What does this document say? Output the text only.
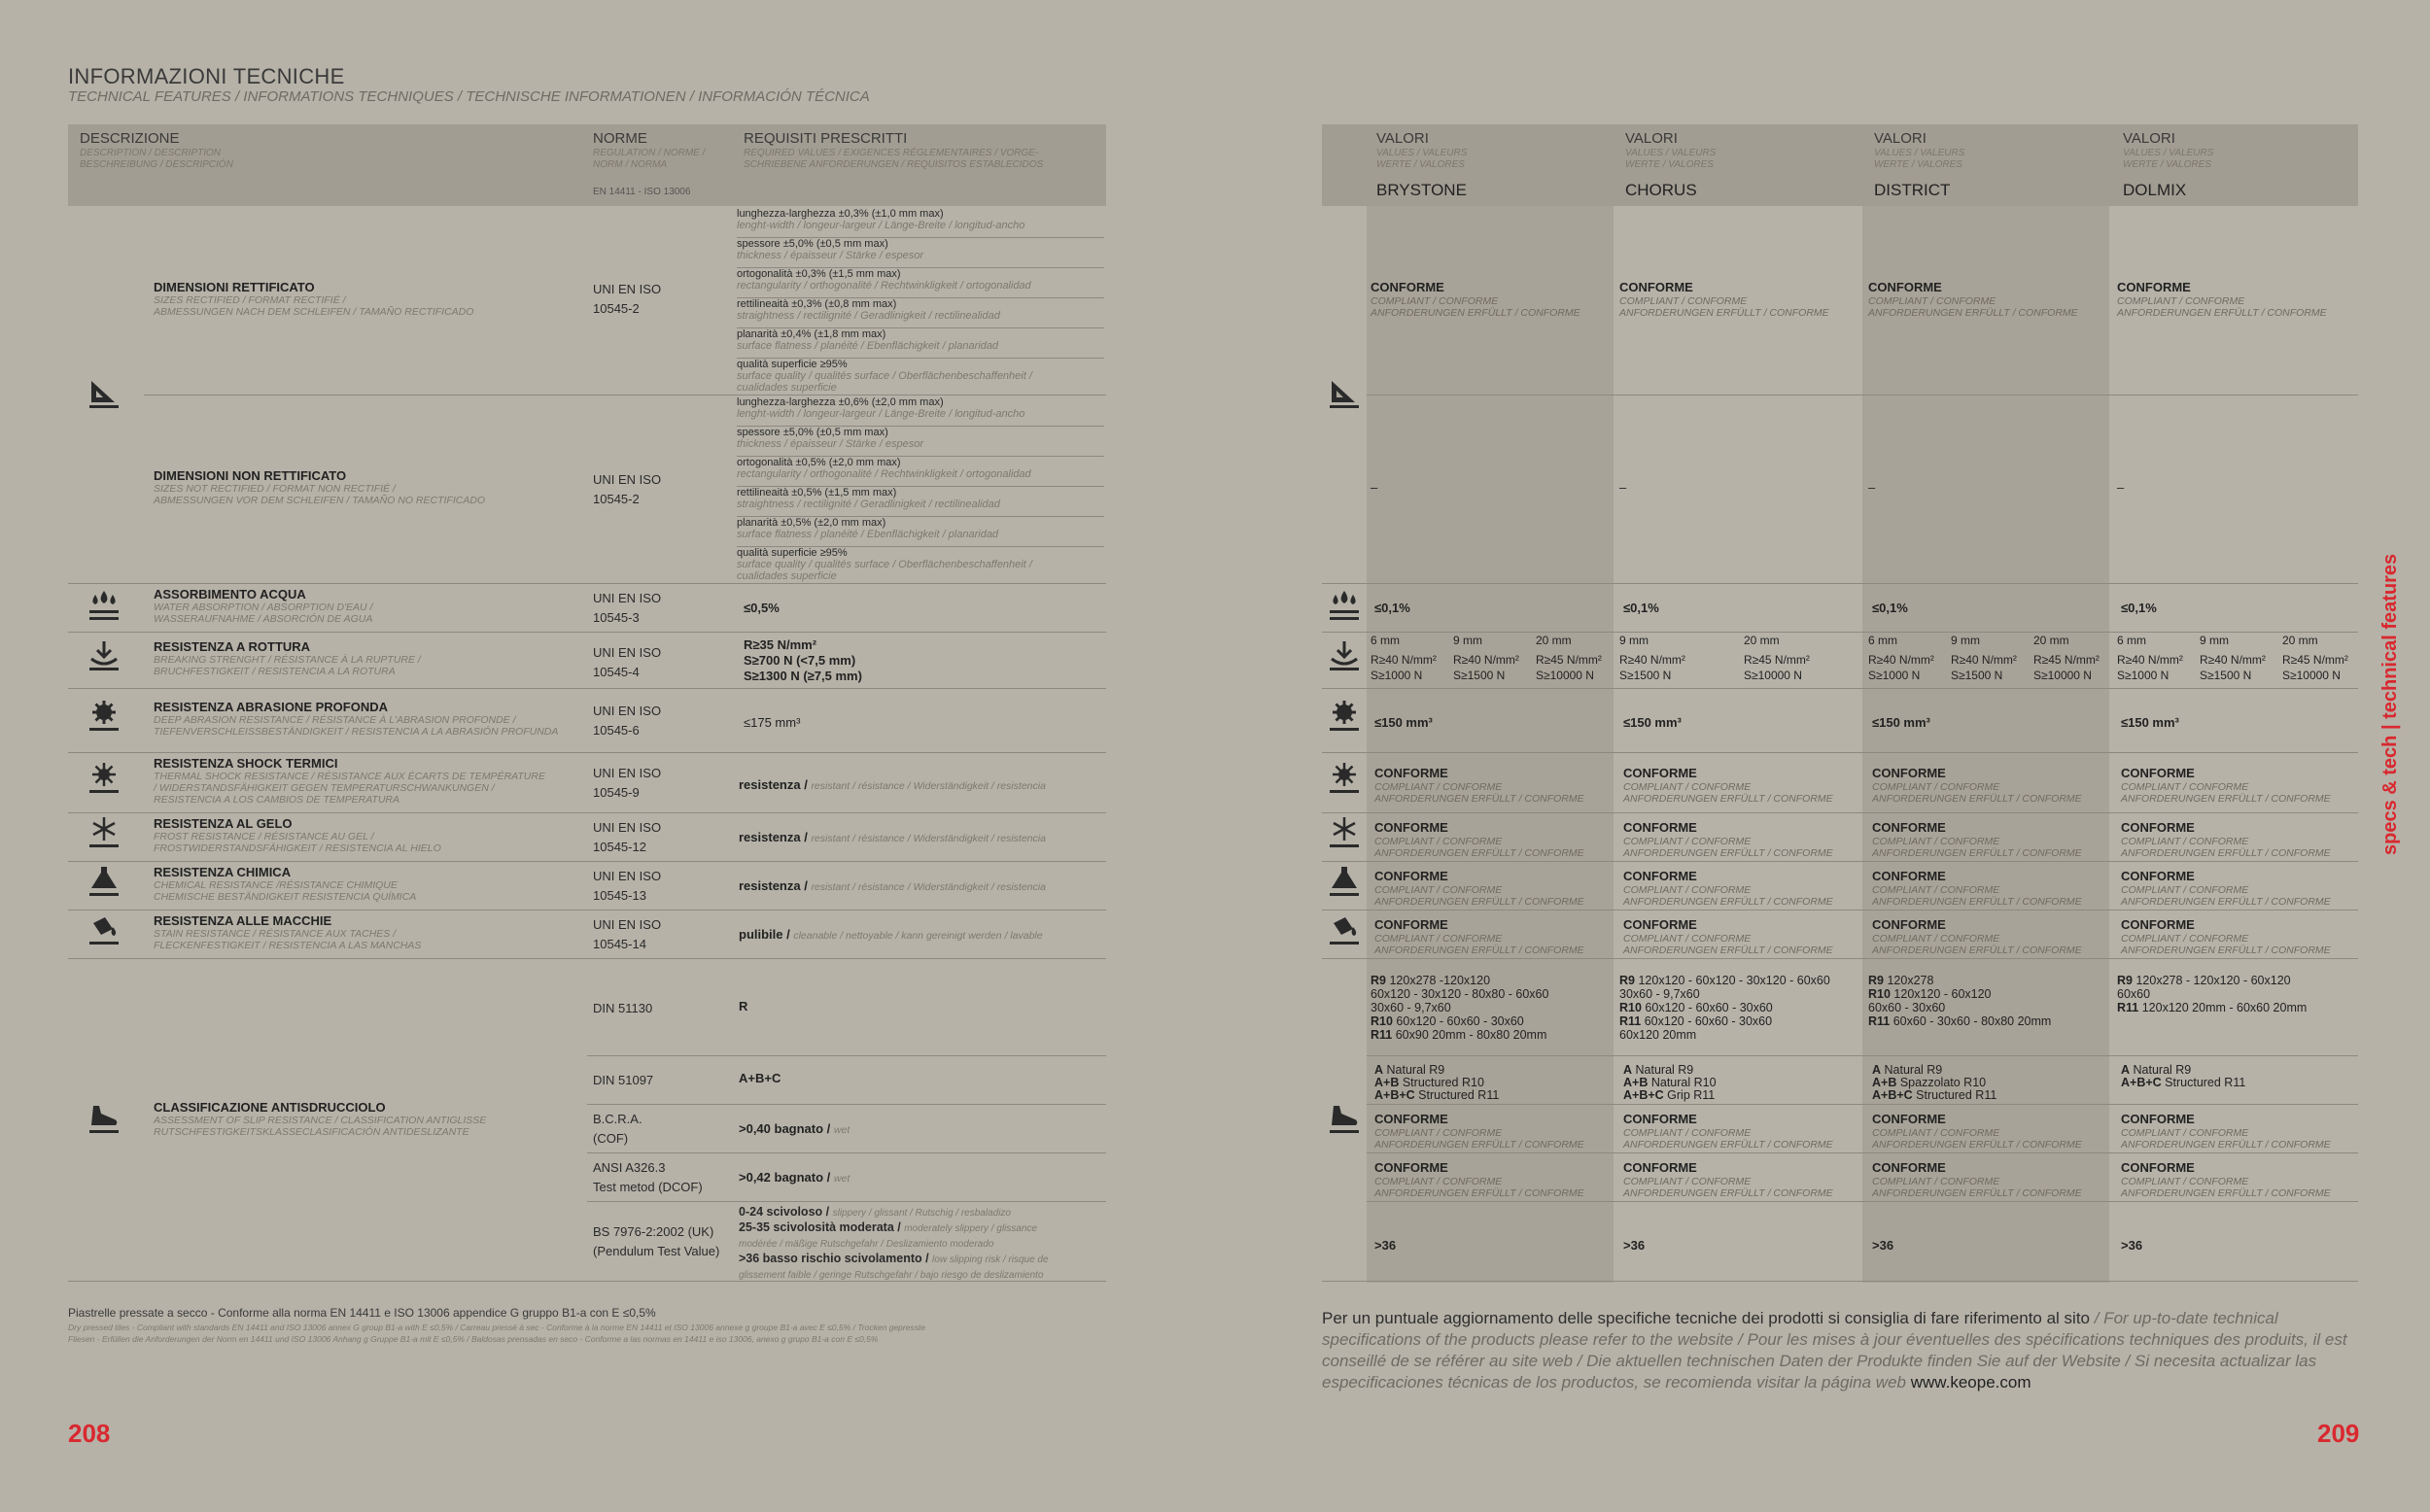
INFORMAZIONI TECNICHE
TECHNICAL FEATURES / INFORMATIONS TECHNIQUES / TECHNISCHE INFORMATIONEN / INFORMACIÓN TÉCNICA
DESCRIZIONE
DESCRIPTION / DESCRIPTION
BESCHREIBUNG / DESCRIPCIÓN
NORME
REGULATION / NORME /
NORM / NORMA
EN 14411 - ISO 13006
REQUISITI PRESCRITTI
REQUIRED VALUES / EXIGENCES RÉGLEMENTAIRES / VORGE-
SCHRIEBENE ANFORDERUNGEN / REQUISITOS ESTABLECIDOS
DIMENSIONI RETTIFICATO
SIZES RECTIFIED / FORMAT RECTIFIÉ /
ABMESSUNGEN NACH DEM SCHLEIFEN / TAMAÑO RECTIFICADO
UNI EN ISO
10545-2
lunghezza-larghezza ±0,3% (±1,0 mm max)
lenght-width / longeur-largeur / Länge-Breite / longitud-ancho
spessore ±5,0% (±0,5 mm max)
thickness / épaisseur / Stärke / espesor
ortogonalità ±0,3% (±1,5 mm max)
rectangularity / orthogonalité / Rechtwinkligkeit / ortogonalidad
rettilineaità ±0,3% (±0,8 mm max)
straightness / rectilignité / Geradlinigkeit / rectilinealidad
planarità ±0,4% (±1,8 mm max)
surface flatness / planéité / Ebenflächigkeit / planaridad
qualità superficie ≥95%
surface quality / qualités surface / Oberflächenbeschaffenheit /
cualidades superficie
DIMENSIONI NON RETTIFICATO
SIZES NOT RECTIFIED / FORMAT NON RECTIFIÉ /
ABMESSUNGEN VOR DEM SCHLEIFEN / TAMAÑO NO RECTIFICADO
UNI EN ISO
10545-2
lunghezza-larghezza ±0,6% (±2,0 mm max)
lenght-width / longeur-largeur / Länge-Breite / longitud-ancho
spessore ±5,0% (±0,5 mm max)
thickness / épaisseur / Stärke / espesor
ortogonalità ±0,5% (±2,0 mm max)
rectangularity / orthogonalité / Rechtwinkligkeit / ortogonalidad
rettilineaità ±0,5% (±1,5 mm max)
straightness / rectilignité / Geradlinigkeit / rectilinealidad
planarità ±0,5% (±2,0 mm max)
surface flatness / planéité / Ebenflächigkeit / planaridad
qualità superficie ≥95%
surface quality / qualités surface / Oberflächenbeschaffenheit /
cualidades superficie
ASSORBIMENTO ACQUA
WATER ABSORPTION / ABSORPTION D'EAU /
WASSERAUFNAHME / ABSORCIÓN DE AGUA
UNI EN ISO
10545-3
≤0,5%
RESISTENZA A ROTTURA
BREAKING STRENGHT / RÉSISTANCE À LA RUPTURE /
BRUCHFESTIGKEIT / RESISTENCIA A LA ROTURA
UNI EN ISO
10545-4
R≥35 N/mm²
S≥700 N (<7,5 mm)
S≥1300 N (≥7,5 mm)
RESISTENZA ABRASIONE PROFONDA
DEEP ABRASION RESISTANCE / RÉSISTANCE À L'ABRASION PROFONDE /
TIEFENVERSCHLEISSBESTÄNDIGKEIT / RESISTENCIA A LA ABRASIÓN PROFUNDA
UNI EN ISO
10545-6
≤175 mm³
RESISTENZA SHOCK TERMICI
THERMAL SHOCK RESISTANCE / RÉSISTANCE AUX ÉCARTS DE TEMPÉRATURE
/ WIDERSTANDSFÄHIGKEIT GEGEN TEMPERATURSCHWANKUNGEN /
RESISTENCIA A LOS CAMBIOS DE TEMPERATURA
UNI EN ISO
10545-9
resistenza / resistant / résistance / Widerständigkeit / resistencia
RESISTENZA AL GELO
FROST RESISTANCE / RÉSISTANCE AU GEL /
FROSTWIDERSTANDSFÄHIGKEIT / RESISTENCIA AL HIELO
UNI EN ISO
10545-12
resistenza / resistant / résistance / Widerständigkeit / resistencia
RESISTENZA CHIMICA
CHEMICAL RESISTANCE /RÉSISTANCE CHIMIQUE
CHEMISCHE BESTÄNDIGKEIT RESISTENCIA QUÍMICA
UNI EN ISO
10545-13
resistenza / resistant / résistance / Widerständigkeit / resistencia
RESISTENZA ALLE MACCHIE
STAIN RESISTANCE / RÉSISTANCE AUX TACHES /
FLECKENFESTIGKEIT / RESISTENCIA A LAS MANCHAS
UNI EN ISO
10545-14
pulibile / cleanable / nettoyable / kann gereinigt werden / lavable
CLASSIFICAZIONE ANTISDRUCCIOLO
ASSESSMENT OF SLIP RESISTANCE / CLASSIFICATION ANTIGLISSE
RUTSCHFESTIGKEITSKLASSECLASIFICACIÓN ANTIDESLIZANTE
DIN 51130	R
DIN 51097	A+B+C
B.C.R.A.
(COF)
>0,40 bagnato / wet
ANSI A326.3
Test metod (DCOF)
>0,42 bagnato / wet
BS 7976-2:2002 (UK)
(Pendulum Test Value)
0-24 scivoloso / slippery / glissant / Rutschig / resbaladizo
25-35 scivolosità moderata / moderately slippery / glissance
modérée / mäßige Rutschgefahr / Deslizamiento moderado
>36 basso rischio scivolamento / low slipping risk / risque de
glissement faible / geringe Rutschgefahr / bajo riesgo de deslizamiento
Piastrelle pressate a secco - Conforme alla norma EN 14411 e ISO 13006 appendice G gruppo B1-a con E ≤0,5%
Dry pressed tiles - Compliant with standards EN 14411 and ISO 13006 annex G group B1-a with E ≤0,5% / Carreau pressé à sec - Conforme à la norme EN 14411 et ISO 13006 annexe g groupe B1-a avec E ≤0,5% / Trocken gepresste
Fliesen - Erfüllen die Anforderungen der Norm en 14411 und ISO 13006 Anhang g Gruppe B1-a mit E ≤0,5% / Baldosas prensadas en seco - Conforme a las normas en 14411 e iso 13006, anexo g grupo B1-a con E ≤0,5%
208
VALORI
VALUES / VALEURS
WERTE / VALORES
BRYSTONE
CONFORME
COMPLIANT / CONFORME
ANFORDERUNGEN ERFÜLLT / CONFORME
–
≤0,1%
6 mm
R≥40 N/mm²
S≥1000 N
9 mm
R≥40 N/mm²
S≥1500 N
20 mm
R≥45 N/mm²
S≥10000 N
≤150 mm³
CONFORME
COMPLIANT / CONFORME
ANFORDERUNGEN ERFÜLLT / CONFORME
CONFORME
COMPLIANT / CONFORME
ANFORDERUNGEN ERFÜLLT / CONFORME
CONFORME
COMPLIANT / CONFORME
ANFORDERUNGEN ERFÜLLT / CONFORME
CONFORME
COMPLIANT / CONFORME
ANFORDERUNGEN ERFÜLLT / CONFORME
CONFORME
COMPLIANT / CONFORME
ANFORDERUNGEN ERFÜLLT / CONFORME
CONFORME
COMPLIANT / CONFORME
ANFORDERUNGEN ERFÜLLT / CONFORME
R9 120x278 -120x120
60x120 - 30x120 - 80x80 - 60x60
30x60 - 9,7x60
R10 60x120 - 60x60 - 30x60
R11 60x90 20mm - 80x80 20mm
A Natural R9
A+B Structured R10
A+B+C Structured R11
>36
VALORI
VALUES / VALEURS
WERTE / VALORES
CHORUS
CONFORME
COMPLIANT / CONFORME
ANFORDERUNGEN ERFÜLLT / CONFORME
–
≤0,1%
9 mm
R≥40 N/mm²
S≥1500 N
20 mm
R≥45 N/mm²
S≥10000 N
≤150 mm³
CONFORME
COMPLIANT / CONFORME
ANFORDERUNGEN ERFÜLLT / CONFORME
CONFORME
COMPLIANT / CONFORME
ANFORDERUNGEN ERFÜLLT / CONFORME
CONFORME
COMPLIANT / CONFORME
ANFORDERUNGEN ERFÜLLT / CONFORME
CONFORME
COMPLIANT / CONFORME
ANFORDERUNGEN ERFÜLLT / CONFORME
CONFORME
COMPLIANT / CONFORME
ANFORDERUNGEN ERFÜLLT / CONFORME
CONFORME
COMPLIANT / CONFORME
ANFORDERUNGEN ERFÜLLT / CONFORME
R9 120x120 - 60x120 - 30x120 - 60x60
30x60 - 9,7x60
R10 60x120 - 60x60 - 30x60
R11 60x120 - 60x60 - 30x60
60x120 20mm
A Natural R9
A+B Natural R10
A+B+C Grip R11
>36
VALORI
VALUES / VALEURS
WERTE / VALORES
DISTRICT
CONFORME
COMPLIANT / CONFORME
ANFORDERUNGEN ERFÜLLT / CONFORME
–
≤0,1%
6 mm
R≥40 N/mm²
S≥1000 N
9 mm
R≥40 N/mm²
S≥1500 N
20 mm
R≥45 N/mm²
S≥10000 N
≤150 mm³
CONFORME
COMPLIANT / CONFORME
ANFORDERUNGEN ERFÜLLT / CONFORME
CONFORME
COMPLIANT / CONFORME
ANFORDERUNGEN ERFÜLLT / CONFORME
CONFORME
COMPLIANT / CONFORME
ANFORDERUNGEN ERFÜLLT / CONFORME
CONFORME
COMPLIANT / CONFORME
ANFORDERUNGEN ERFÜLLT / CONFORME
CONFORME
COMPLIANT / CONFORME
ANFORDERUNGEN ERFÜLLT / CONFORME
CONFORME
COMPLIANT / CONFORME
ANFORDERUNGEN ERFÜLLT / CONFORME
R9 120x278
R10 120x120 - 60x120
60x60 - 30x60
R11 60x60 - 30x60 - 80x80 20mm
A Natural R9
A+B Spazzolato R10
A+B+C Structured R11
>36
VALORI
VALUES / VALEURS
WERTE / VALORES
DOLMIX
CONFORME
COMPLIANT / CONFORME
ANFORDERUNGEN ERFÜLLT / CONFORME
–
≤0,1%
6 mm
R≥40 N/mm²
S≥1000 N
9 mm
R≥40 N/mm²
S≥1500 N
20 mm
R≥45 N/mm²
S≥10000 N
≤150 mm³
CONFORME
COMPLIANT / CONFORME
ANFORDERUNGEN ERFÜLLT / CONFORME
CONFORME
COMPLIANT / CONFORME
ANFORDERUNGEN ERFÜLLT / CONFORME
CONFORME
COMPLIANT / CONFORME
ANFORDERUNGEN ERFÜLLT / CONFORME
CONFORME
COMPLIANT / CONFORME
ANFORDERUNGEN ERFÜLLT / CONFORME
CONFORME
COMPLIANT / CONFORME
ANFORDERUNGEN ERFÜLLT / CONFORME
CONFORME
COMPLIANT / CONFORME
ANFORDERUNGEN ERFÜLLT / CONFORME
R9 120x278 - 120x120 - 60x120
60x60
R11 120x120 20mm - 60x60 20mm
A Natural R9
A+B+C Structured R11
>36
Per un puntuale aggiornamento delle specifiche tecniche dei prodotti si consiglia di fare riferimento al sito / For up-to-date technical specifications of the products please refer to the website / Pour les mises à jour éventuelles des spécifications techniques des produits, il est conseillé de se référer au site web / Die aktuellen technischen Daten der Produkte finden Sie auf der Website / Si necesita actualizar las especificaciones técnicas de los productos, se recomienda visitar la página web www.keope.com
209
specs & tech | technical features
